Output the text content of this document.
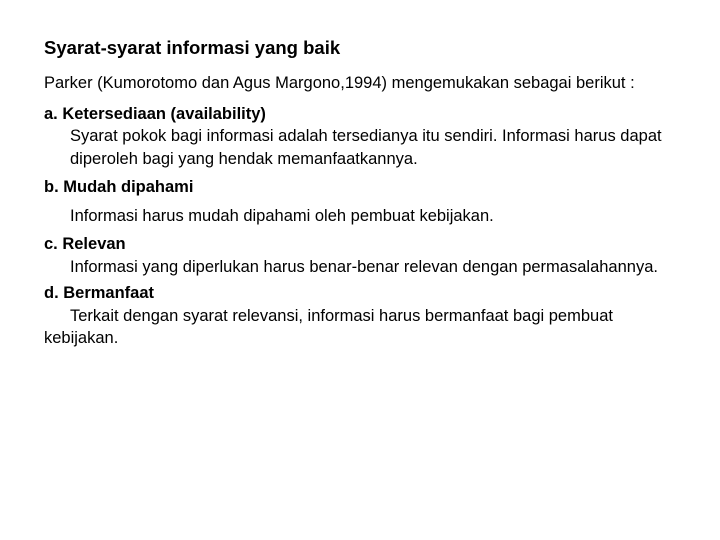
Syarat-syarat informasi yang baik
Parker (Kumorotomo dan Agus Margono,1994) mengemukakan sebagai berikut :
a. Ketersediaan (availability)
Syarat pokok bagi informasi adalah tersedianya itu sendiri. Informasi harus dapat diperoleh bagi yang hendak memanfaatkannya.
b. Mudah dipahami
Informasi harus mudah dipahami oleh pembuat kebijakan.
c. Relevan
Informasi yang diperlukan harus benar-benar relevan dengan permasalahannya.
d. Bermanfaat
Terkait dengan syarat relevansi, informasi harus bermanfaat bagi pembuat kebijakan.
